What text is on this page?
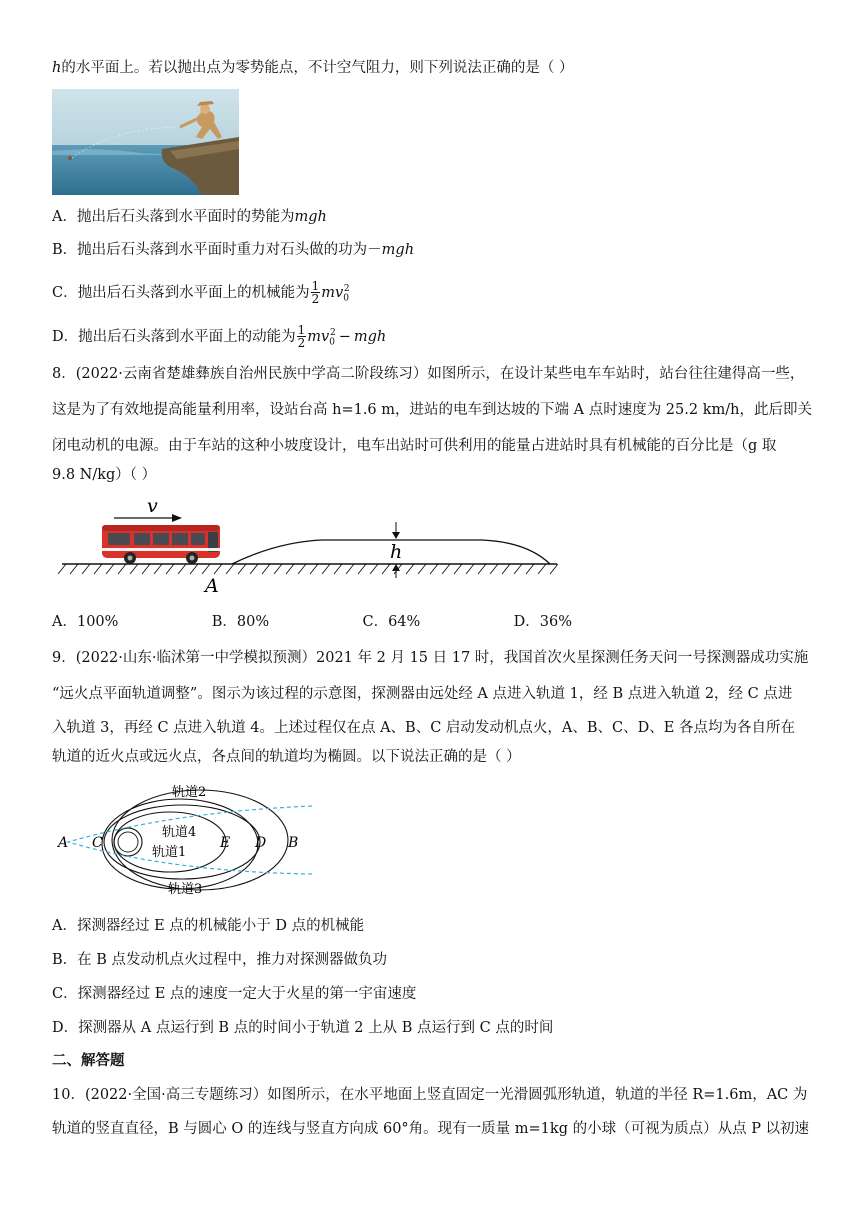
h的水平面上。若以抛出点为零势能点，不计空气阻力，则下列说法正确的是（ ）
A．抛出后石头落到水平面时的势能为mgh
B．抛出后石头落到水平面时重力对石头做的功为－mgh
C．抛出后石头落到水平面上的机械能为 $\frac{1}{2} mv_0^2$
D．抛出后石头落到水平面上的动能为 $\frac{1}{2} mv_0^2$ − mgh
8．(2022·云南省楚雄彝族自治州民族中学高二阶段练习）如图所示，在设计某些电车车站时，站台往往建得高一些，
这是为了有效地提高能量利用率，设站台高 h=1.6 m，进站的电车到达坡的下端 A 点时速度为 25.2 km/h，此后即关
闭电动机的电源。由于车站的这种小坡度设计，电车出站时可供利用的能量占进站时具有机械能的百分比是（g 取
9.8 N/kg）（ ）
h
A
v
A．100%	B．80%	C．64%	D．36%
9．(2022·山东·临沭第一中学模拟预测）2021 年 2 月 15 日 17 时，我国首次火星探测任务天问一号探测器成功实施
“远火点平面轨道调整”。图示为该过程的示意图，探测器由远处经 A 点进入轨道 1，经 B 点进入轨道 2，经 C 点进
入轨道 3，再经 C 点进入轨道 4。上述过程仅在点 A、B、C 启动发动机点火，A、B、C、D、E 各点均为各自所在
轨道的近火点或远火点，各点间的轨道均为椭圆。以下说法正确的是（ ）
轨道2
轨道4
轨道1
轨道3
A C	E D B
A．探测器经过 E 点的机械能小于 D 点的机械能
B．在 B 点发动机点火过程中，推力对探测器做负功
C．探测器经过 E 点的速度一定大于火星的第一宇宙速度
D．探测器从 A 点运行到 B 点的时间小于轨道 2 上从 B 点运行到 C 点的时间
二、解答题
10．(2022·全国·高三专题练习）如图所示，在水平地面上竖直固定一光滑圆弧形轨道，轨道的半径 R=1.6m，AC 为
轨道的竖直直径，B 与圆心 O 的连线与竖直方向成 60°角。现有一质量 m=1kg 的小球（可视为质点）从点 P 以初速
